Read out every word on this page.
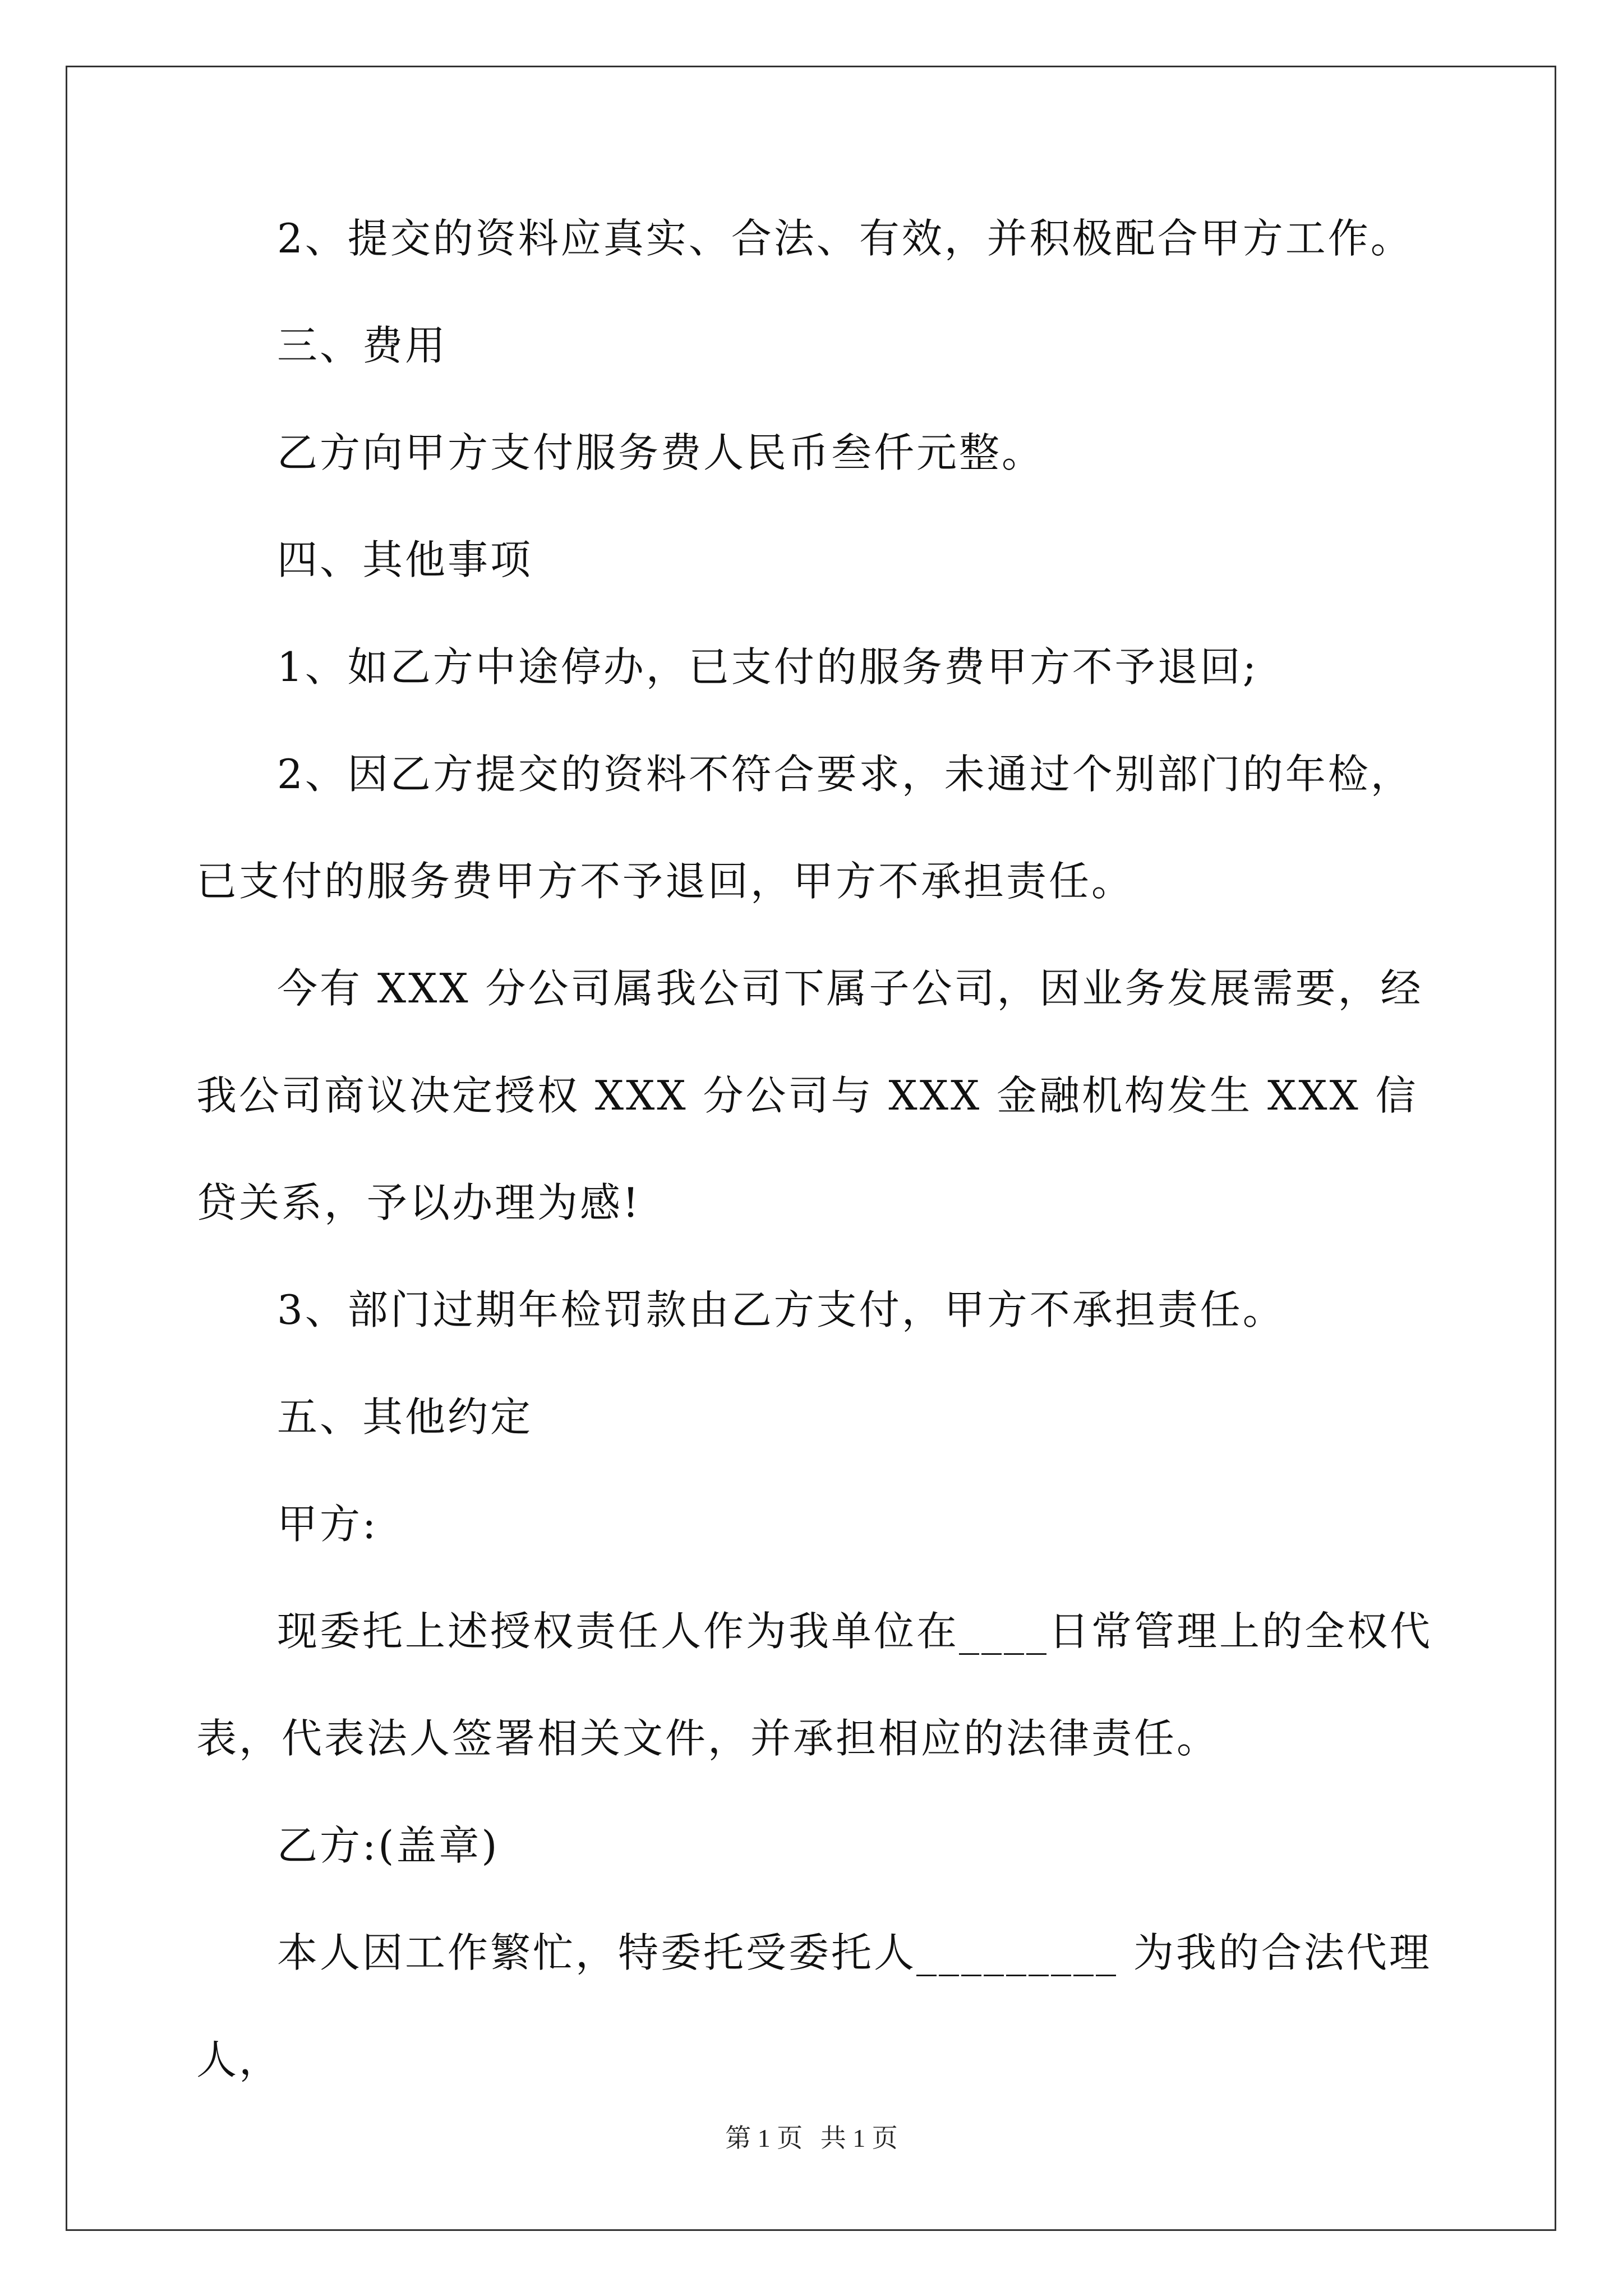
2、提交的资料应真实、合法、有效，并积极配合甲方工作。

三、费用

乙方向甲方支付服务费人民币叁仟元整。

四、其他事项

1、如乙方中途停办，已支付的服务费甲方不予退回;

2、因乙方提交的资料不符合要求，未通过个别部门的年检，已支付的服务费甲方不予退回，甲方不承担责任。

今有 XXX 分公司属我公司下属子公司，因业务发展需要，经我公司商议决定授权 XXX 分公司与 XXX 金融机构发生 XXX 信贷关系，予以办理为感!

3、部门过期年检罚款由乙方支付，甲方不承担责任。

五、其他约定

甲方:

现委托上述授权责任人作为我单位在____日常管理上的全权代表，代表法人签署相关文件，并承担相应的法律责任。

乙方:(盖章)

本人因工作繁忙，特委托受委托人_________ 为我的合法代理人，

第 1 页 共 1 页
